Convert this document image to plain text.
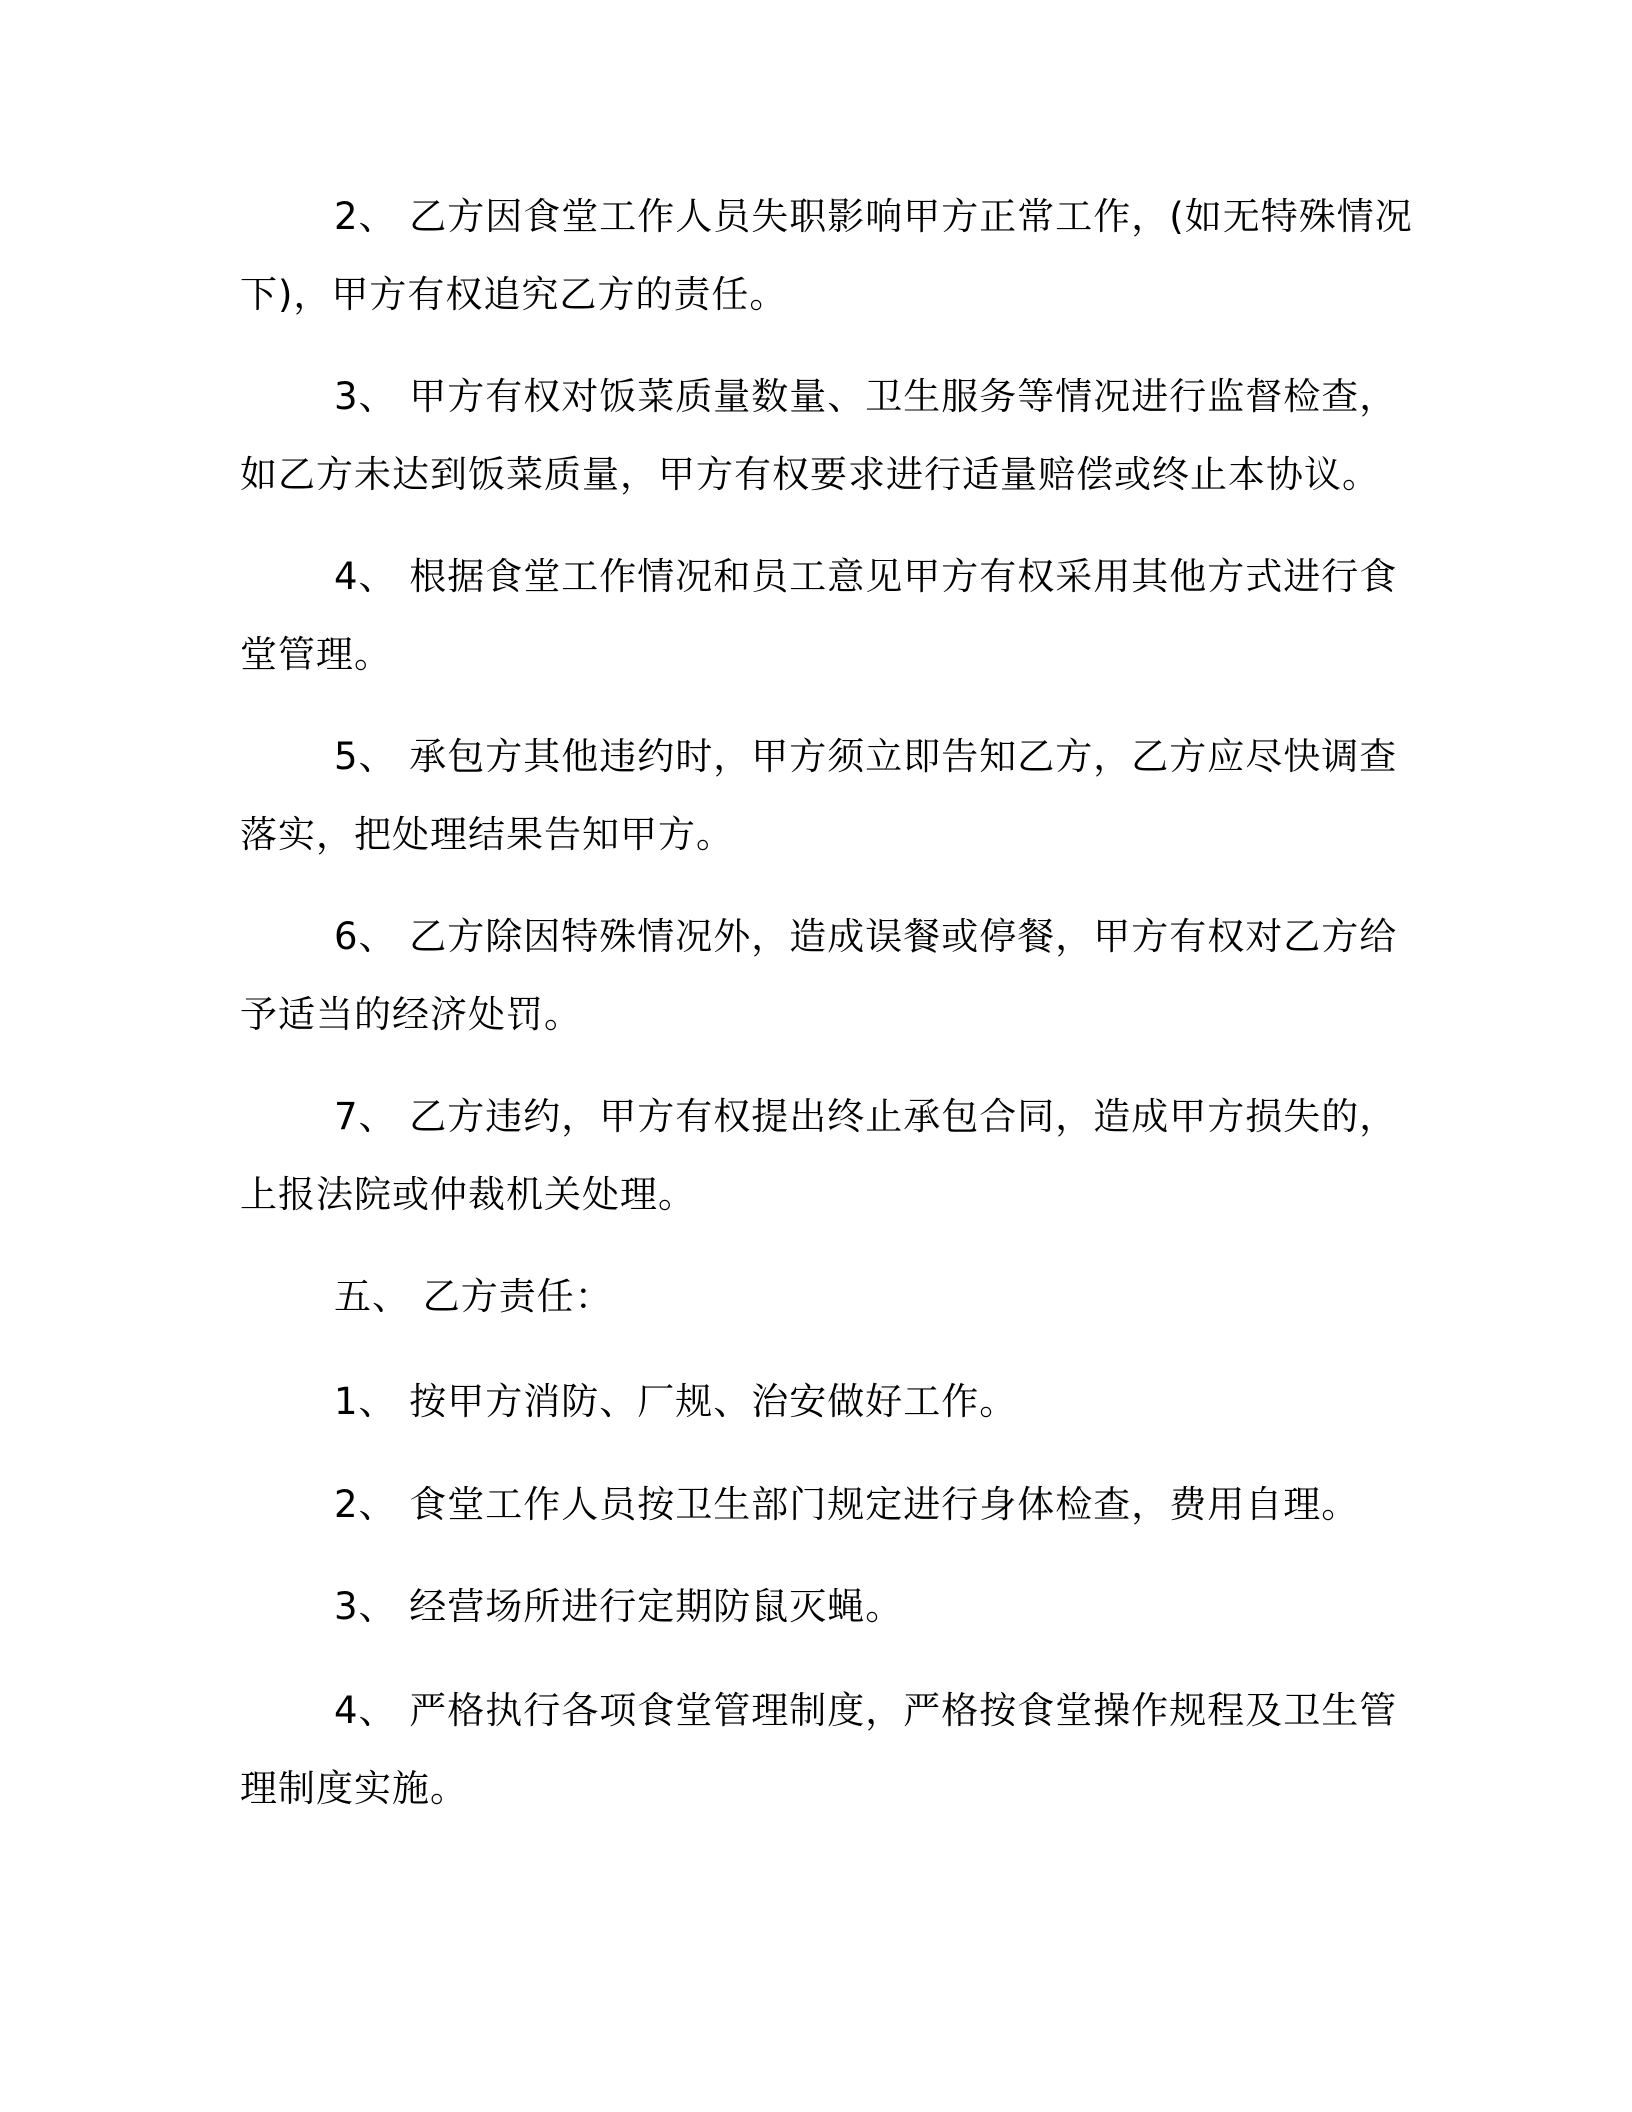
2、 乙方因食堂工作人员失职影响甲方正常工作，(如无特殊情况
下)，甲方有权追究乙方的责任。
3、 甲方有权对饭菜质量数量、卫生服务等情况进行监督检查，
如乙方未达到饭菜质量，甲方有权要求进行适量赔偿或终止本协议。
4、 根据食堂工作情况和员工意见甲方有权采用其他方式进行食
堂管理。
5、 承包方其他违约时，甲方须立即告知乙方，乙方应尽快调查
落实，把处理结果告知甲方。
6、 乙方除因特殊情况外，造成误餐或停餐，甲方有权对乙方给
予适当的经济处罚。
7、 乙方违约，甲方有权提出终止承包合同，造成甲方损失的，
上报法院或仲裁机关处理。
五、 乙方责任：
1、 按甲方消防、厂规、治安做好工作。
2、 食堂工作人员按卫生部门规定进行身体检查，费用自理。
3、 经营场所进行定期防鼠灭蝇。
4、 严格执行各项食堂管理制度，严格按食堂操作规程及卫生管
理制度实施。
